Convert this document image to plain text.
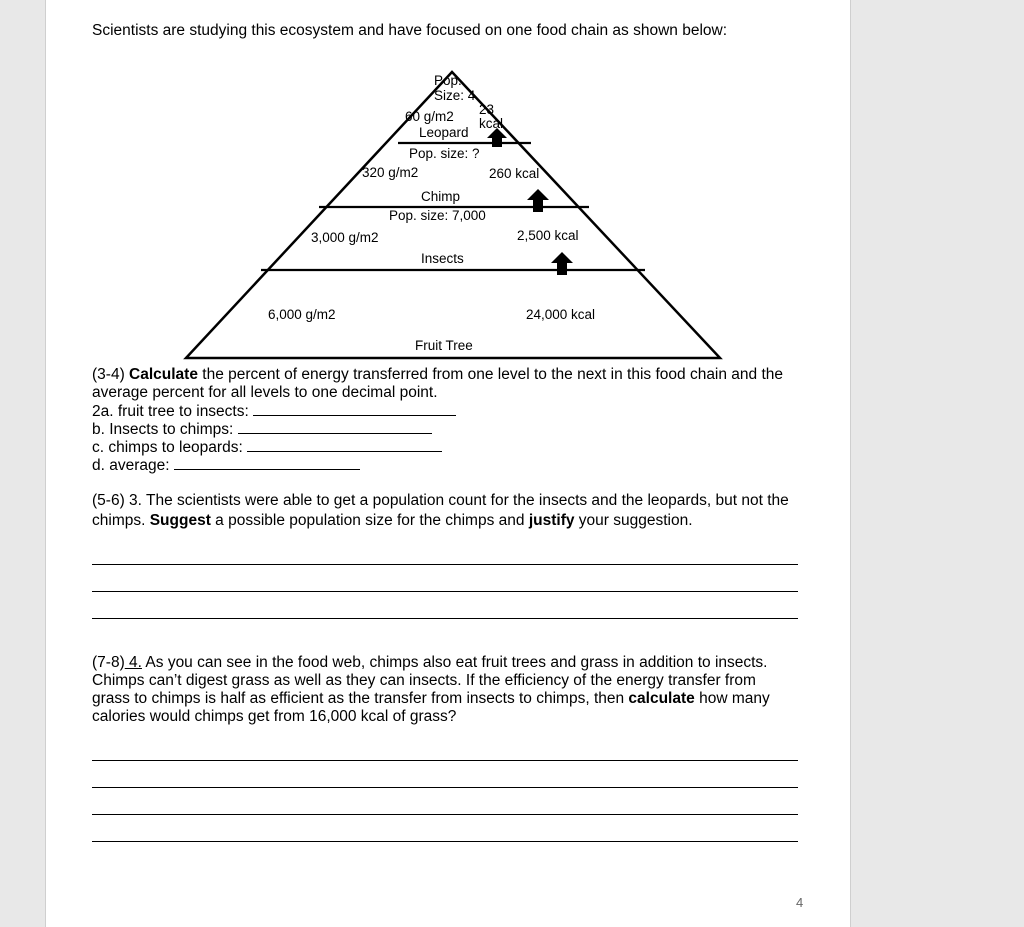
Scientists are studying this ecosystem and have focused on one food chain as shown below:
Pop.
Size: 4
23
60 g/m2 kcal
Leopard
Pop. size: ?
320 g/m2	260 kcal
Chimp
Pop. size: 7,000
3,000 g/m2	2,500 kcal
Insects
6,000 g/m2	24,000 kcal
Fruit Tree
(3-4) Calculate the percent of energy transferred from one level to the next in this food chain and the
average percent for all levels to one decimal point.
2a. fruit tree to insects:
b. Insects to chimps:
c. chimps to leopards:
d. average:
(5-6) 3. The scientists were able to get a population count for the insects and the leopards, but not the
chimps. Suggest a possible population size for the chimps and justify your suggestion.
(7-8) 4. As you can see in the food web, chimps also eat fruit trees and grass in addition to insects.
Chimps can’t digest grass as well as they can insects. If the efficiency of the energy transfer from
grass to chimps is half as efficient as the transfer from insects to chimps, then calculate how many
calories would chimps get from 16,000 kcal of grass?
4
